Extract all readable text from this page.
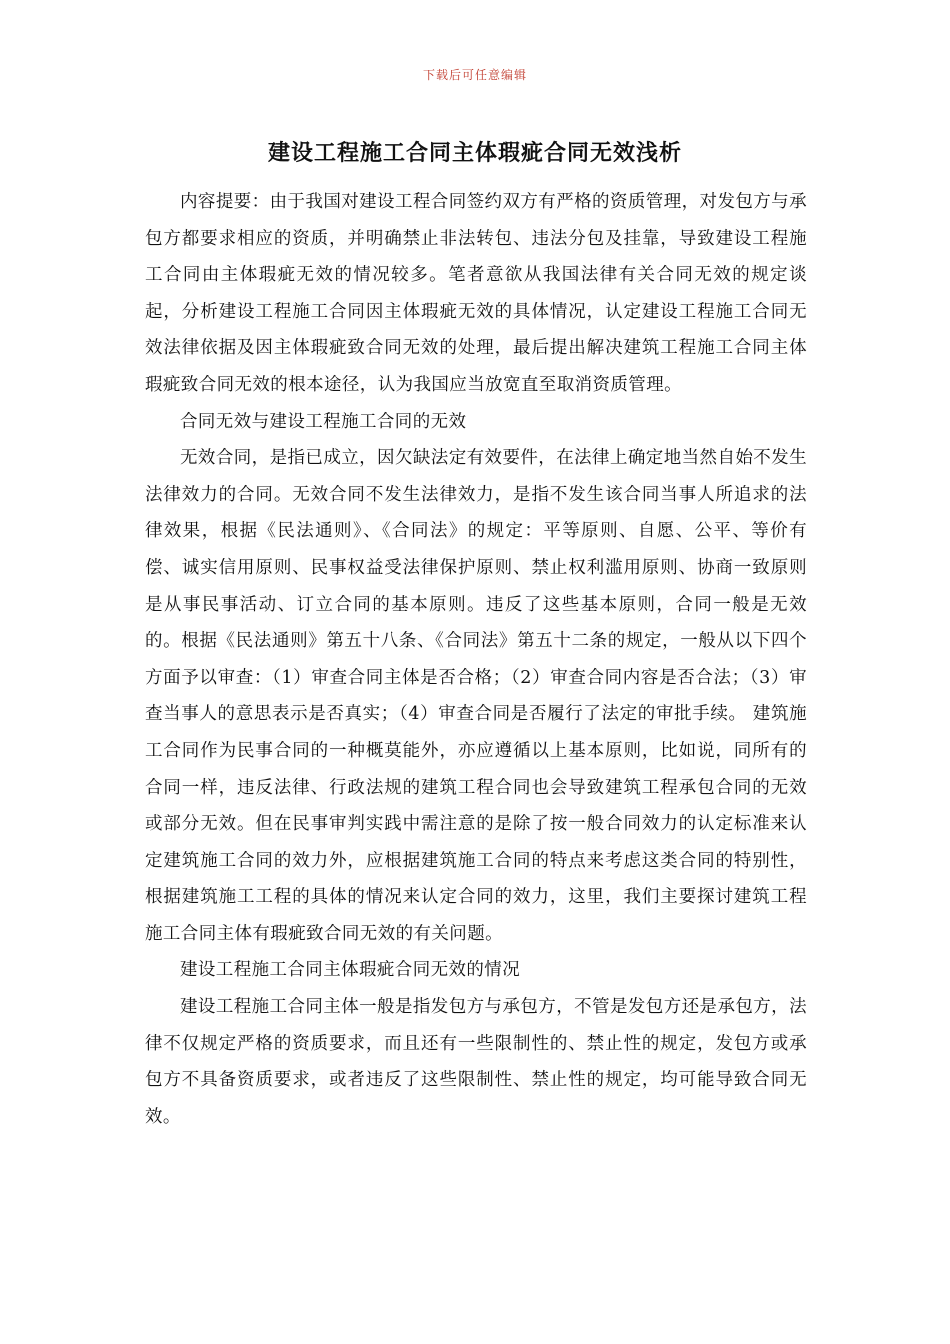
下载后可任意编辑
建设工程施工合同主体瑕疵合同无效浅析

内容提要：由于我国对建设工程合同签约双方有严格的资质管理，对发包方与承包方都要求相应的资质，并明确禁止非法转包、违法分包及挂靠，导致建设工程施工合同由主体瑕疵无效的情况较多。笔者意欲从我国法律有关合同无效的规定谈起，分析建设工程施工合同因主体瑕疵无效的具体情况，认定建设工程施工合同无效法律依据及因主体瑕疵致合同无效的处理，最后提出解决建筑工程施工合同主体瑕疵致合同无效的根本途径，认为我国应当放宽直至取消资质管理。

合同无效与建设工程施工合同的无效

无效合同，是指已成立，因欠缺法定有效要件，在法律上确定地当然自始不发生法律效力的合同。无效合同不发生法律效力，是指不发生该合同当事人所追求的法律效果，根据《民法通则》、《合同法》的规定：平等原则、自愿、公平、等价有偿、诚实信用原则、民事权益受法律保护原则、禁止权利滥用原则、协商一致原则是从事民事活动、订立合同的基本原则。违反了这些基本原则，合同一般是无效的。根据《民法通则》第五十八条、《合同法》第五十二条的规定，一般从以下四个方面予以审查：（1）审查合同主体是否合格；（2）审查合同内容是否合法；（3）审查当事人的意思表示是否真实；（4）审查合同是否履行了法定的审批手续。 建筑施工合同作为民事合同的一种概莫能外，亦应遵循以上基本原则，比如说，同所有的合同一样，违反法律、行政法规的建筑工程合同也会导致建筑工程承包合同的无效或部分无效。但在民事审判实践中需注意的是除了按一般合同效力的认定标准来认定建筑施工合同的效力外，应根据建筑施工合同的特点来考虑这类合同的特别性，根据建筑施工工程的具体的情况来认定合同的效力，这里，我们主要探讨建筑工程施工合同主体有瑕疵致合同无效的有关问题。

建设工程施工合同主体瑕疵合同无效的情况

建设工程施工合同主体一般是指发包方与承包方，不管是发包方还是承包方，法律不仅规定严格的资质要求，而且还有一些限制性的、禁止性的规定，发包方或承包方不具备资质要求，或者违反了这些限制性、禁止性的规定，均可能导致合同无效。
